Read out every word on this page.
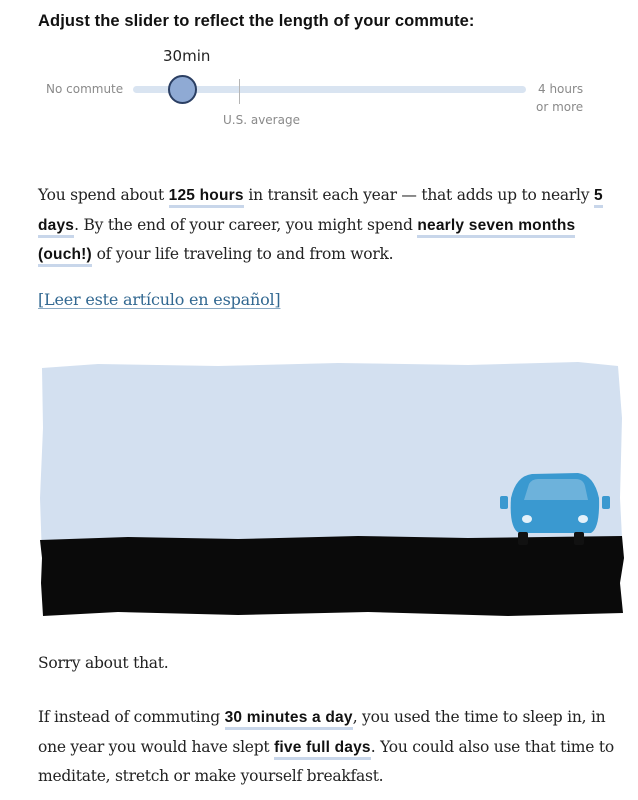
Adjust the slider to reflect the length of your commute:
30min
No commute	4 hours
or more
U.S. average

You spend about 125 hours in transit each year — that adds up to nearly 5 days. By the end of your career, you might spend nearly seven months (ouch!) of your life traveling to and from work.

[Leer este artículo en español]

Sorry about that.

If instead of commuting 30 minutes a day, you used the time to sleep in, in one year you would have slept five full days. You could also use that time to meditate, stretch or make yourself breakfast.
